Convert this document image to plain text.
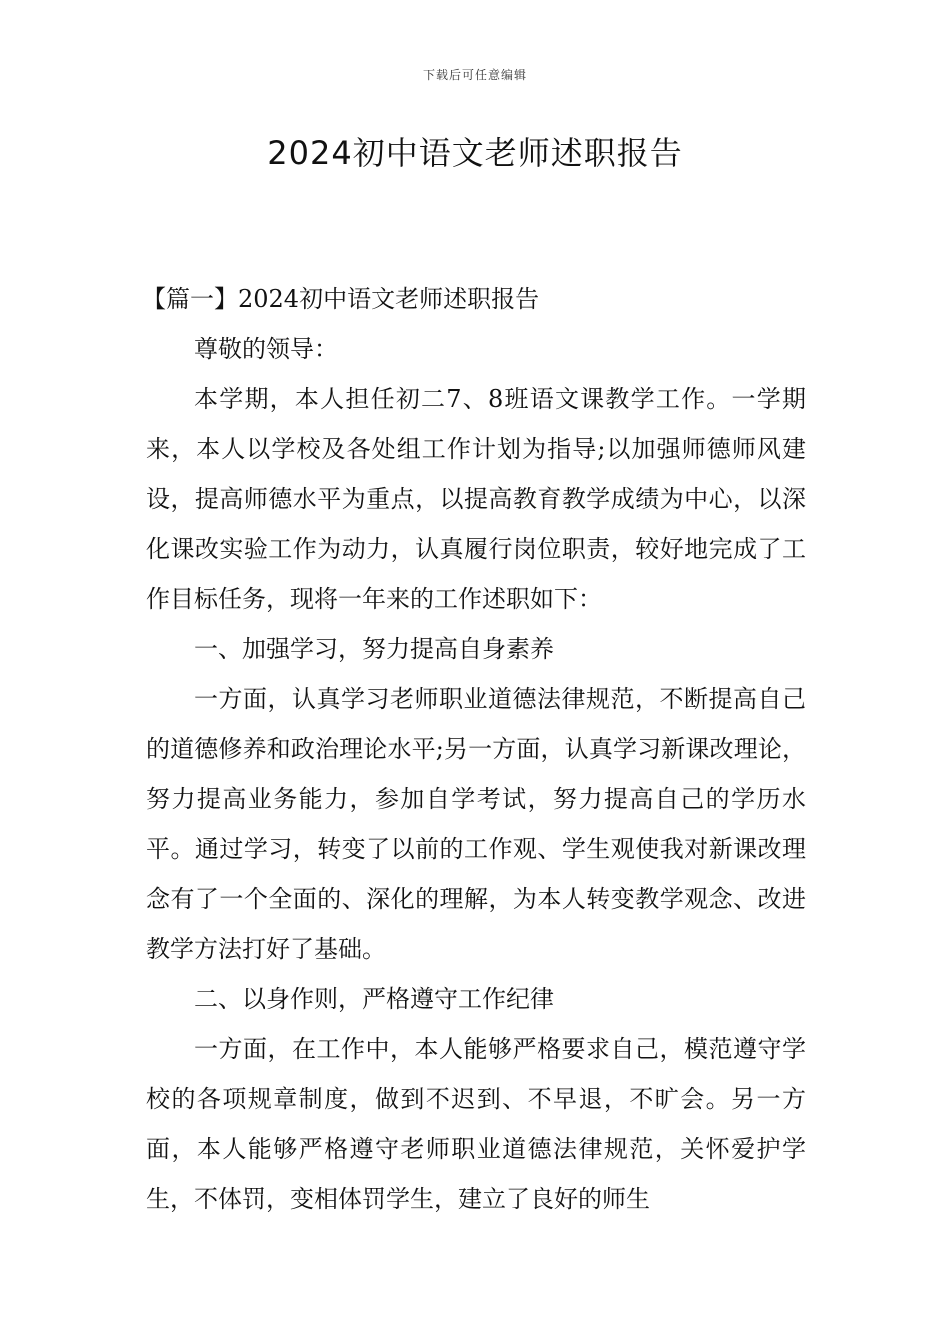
下载后可任意编辑
2024初中语文老师述职报告

【篇一】2024初中语文老师述职报告

尊敬的领导：

本学期，本人担任初二7、8班语文课教学工作。一学期来，本人以学校及各处组工作计划为指导;以加强师德师风建设，提高师德水平为重点，以提高教育教学成绩为中心，以深化课改实验工作为动力，认真履行岗位职责，较好地完成了工作目标任务，现将一年来的工作述职如下：

一、加强学习，努力提高自身素养

一方面，认真学习老师职业道德法律规范，不断提高自己的道德修养和政治理论水平;另一方面，认真学习新课改理论，努力提高业务能力，参加自学考试，努力提高自己的学历水平。通过学习，转变了以前的工作观、学生观使我对新课改理念有了一个全面的、深化的理解，为本人转变教学观念、改进教学方法打好了基础。

二、以身作则，严格遵守工作纪律

一方面，在工作中，本人能够严格要求自己，模范遵守学校的各项规章制度，做到不迟到、不早退，不旷会。另一方面，本人能够严格遵守老师职业道德法律规范，关怀爱护学生，不体罚，变相体罚学生，建立了良好的师生
